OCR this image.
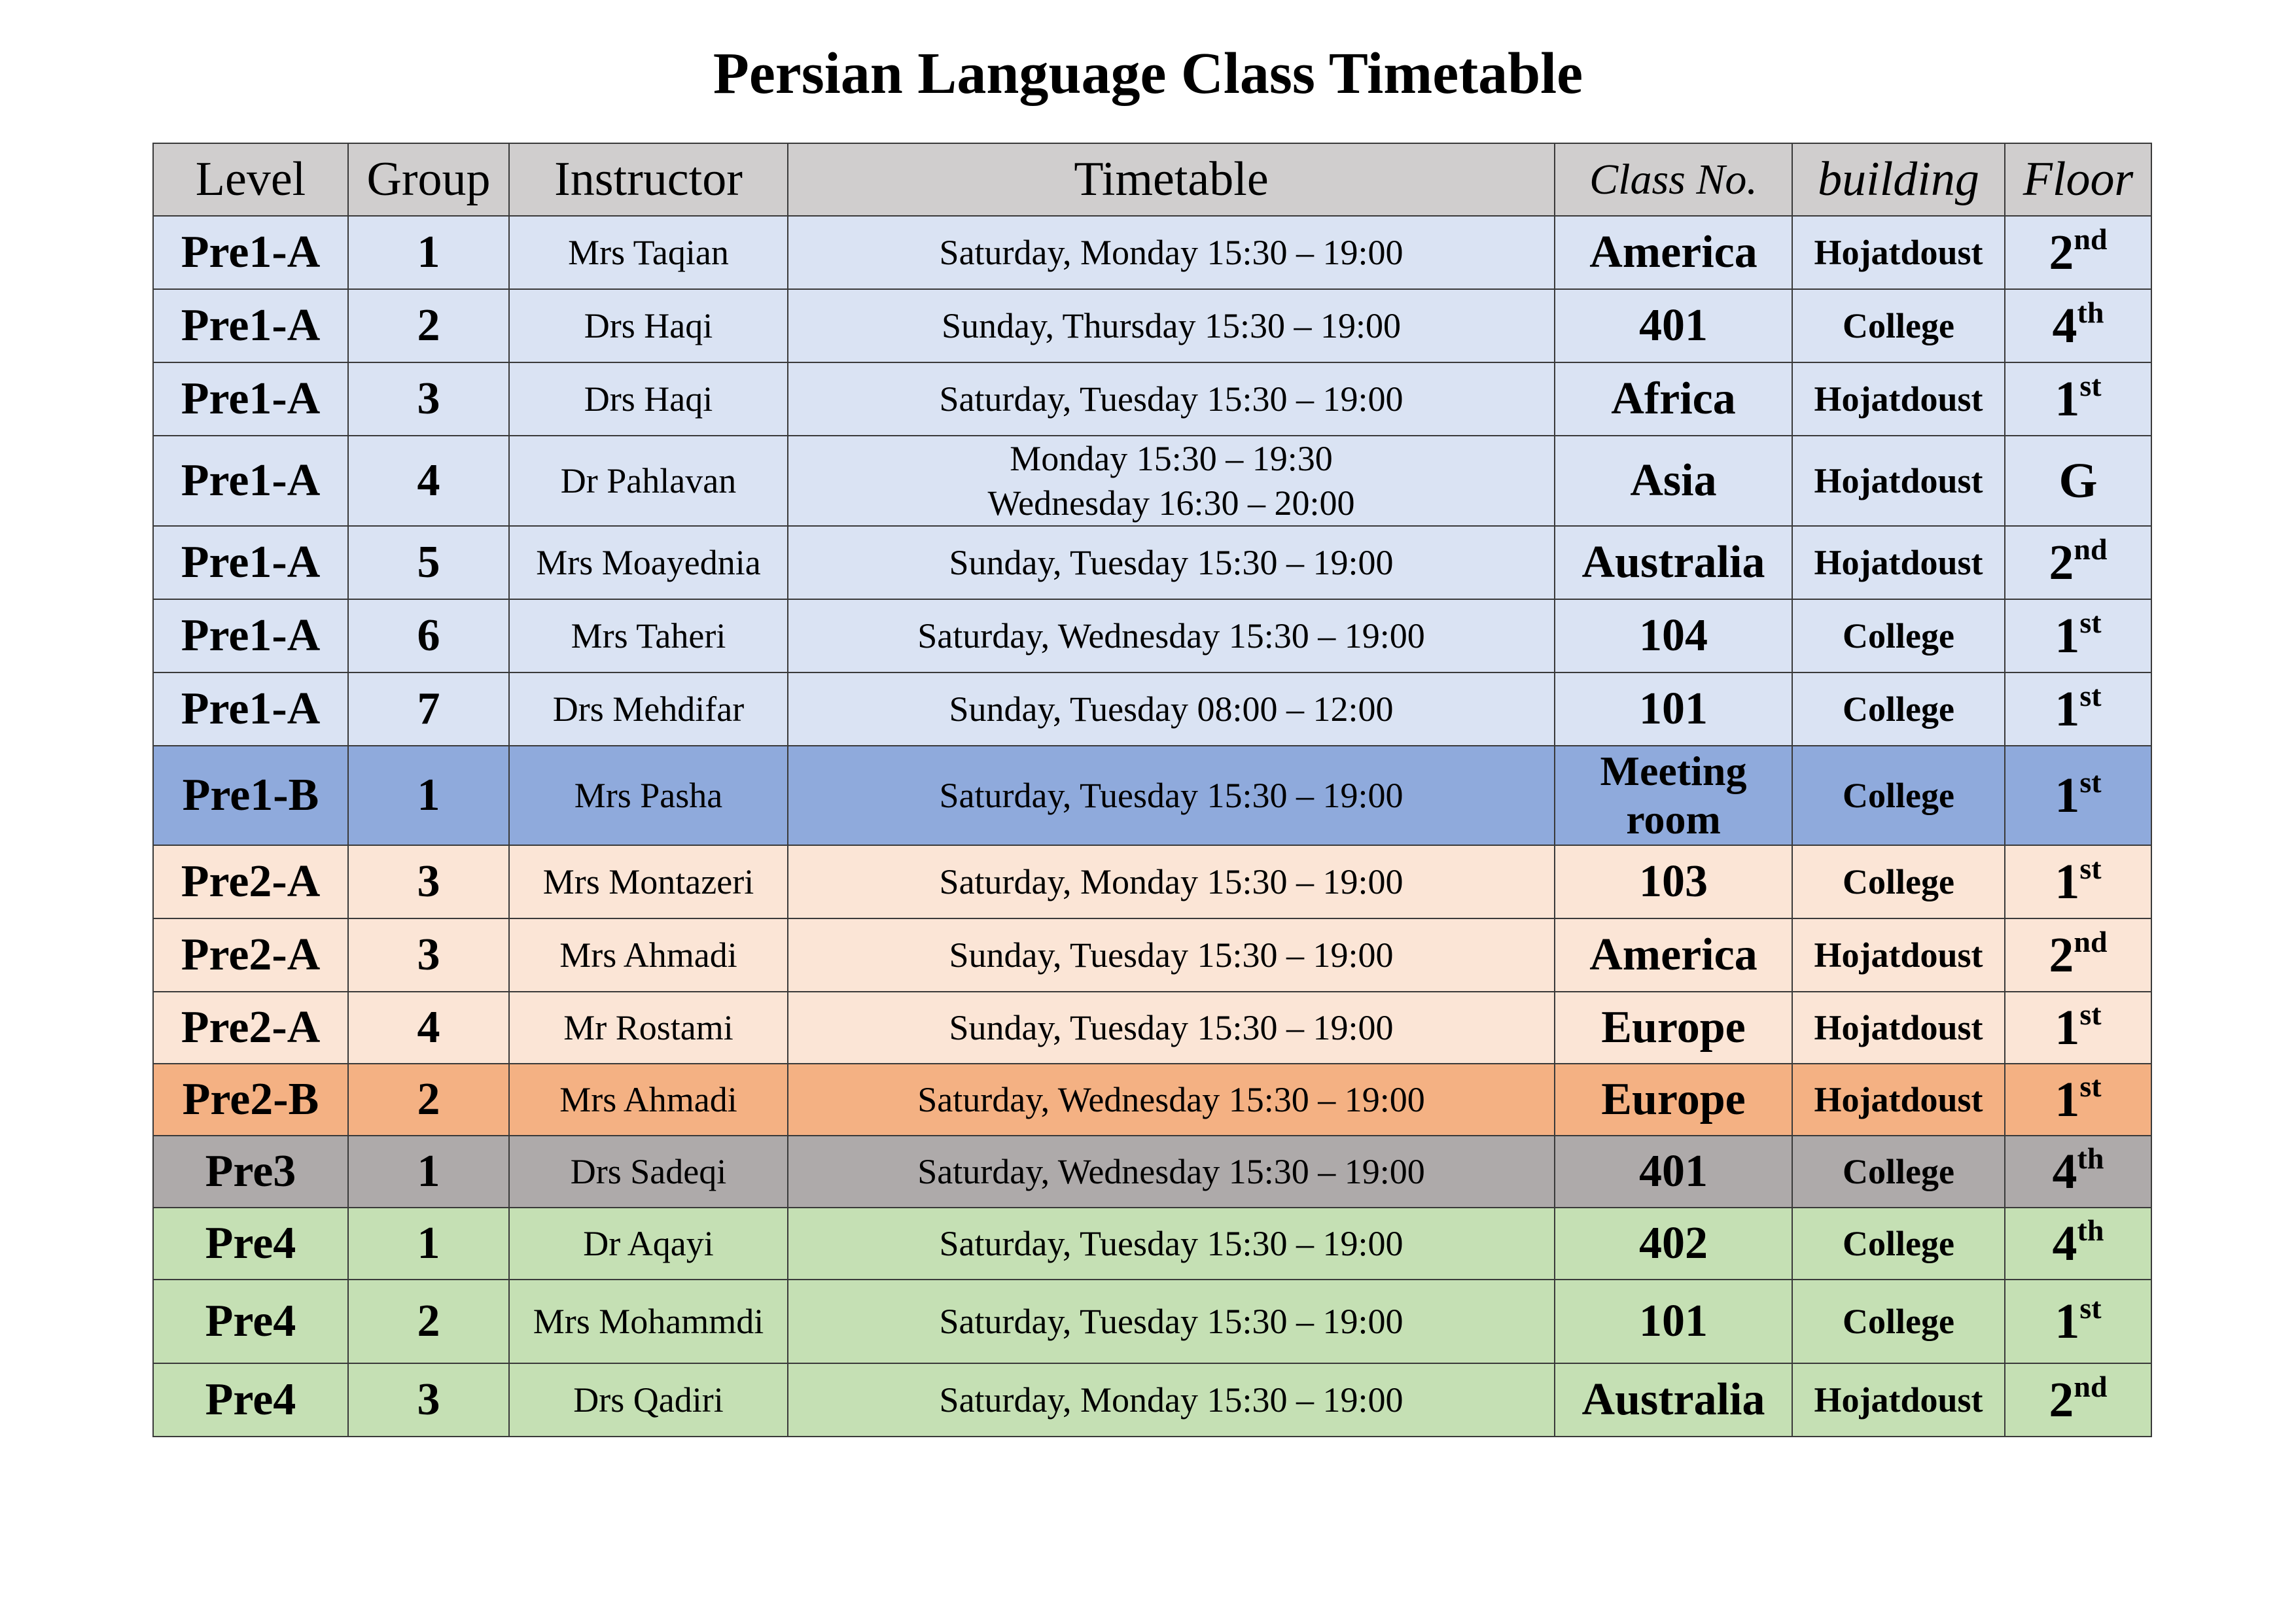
Persian Language Class Timetable
Level	Group	Instructor	Timetable	Class No.	building	Floor
Pre1-A	1	Mrs Taqian	Saturday, Monday 15:30 – 19:00	America	Hojatdoust	2nd
Pre1-A	2	Drs Haqi	Sunday, Thursday 15:30 – 19:00	401	College	4th
Pre1-A	3	Drs Haqi	Saturday, Tuesday 15:30 – 19:00	Africa	Hojatdoust	1st
Pre1-A	4	Dr Pahlavan	Monday 15:30 – 19:30
Wednesday 16:30 – 20:00	Asia	Hojatdoust	G
Pre1-A	5	Mrs Moayednia	Sunday, Tuesday 15:30 – 19:00	Australia	Hojatdoust	2nd
Pre1-A	6	Mrs Taheri	Saturday, Wednesday 15:30 – 19:00	104	College	1st
Pre1-A	7	Drs Mehdifar	Sunday, Tuesday 08:00 – 12:00	101	College	1st
Pre1-B	1	Mrs Pasha	Saturday, Tuesday 15:30 – 19:00	Meeting room	College	1st
Pre2-A	3	Mrs Montazeri	Saturday, Monday 15:30 – 19:00	103	College	1st
Pre2-A	3	Mrs Ahmadi	Sunday, Tuesday 15:30 – 19:00	America	Hojatdoust	2nd
Pre2-A	4	Mr Rostami	Sunday, Tuesday 15:30 – 19:00	Europe	Hojatdoust	1st
Pre2-B	2	Mrs Ahmadi	Saturday, Wednesday 15:30 – 19:00	Europe	Hojatdoust	1st
Pre3	1	Drs Sadeqi	Saturday, Wednesday 15:30 – 19:00	401	College	4th
Pre4	1	Dr Aqayi	Saturday, Tuesday 15:30 – 19:00	402	College	4th
Pre4	2	Mrs Mohammdi	Saturday, Tuesday 15:30 – 19:00	101	College	1st
Pre4	3	Drs Qadiri	Saturday, Monday 15:30 – 19:00	Australia	Hojatdoust	2nd
